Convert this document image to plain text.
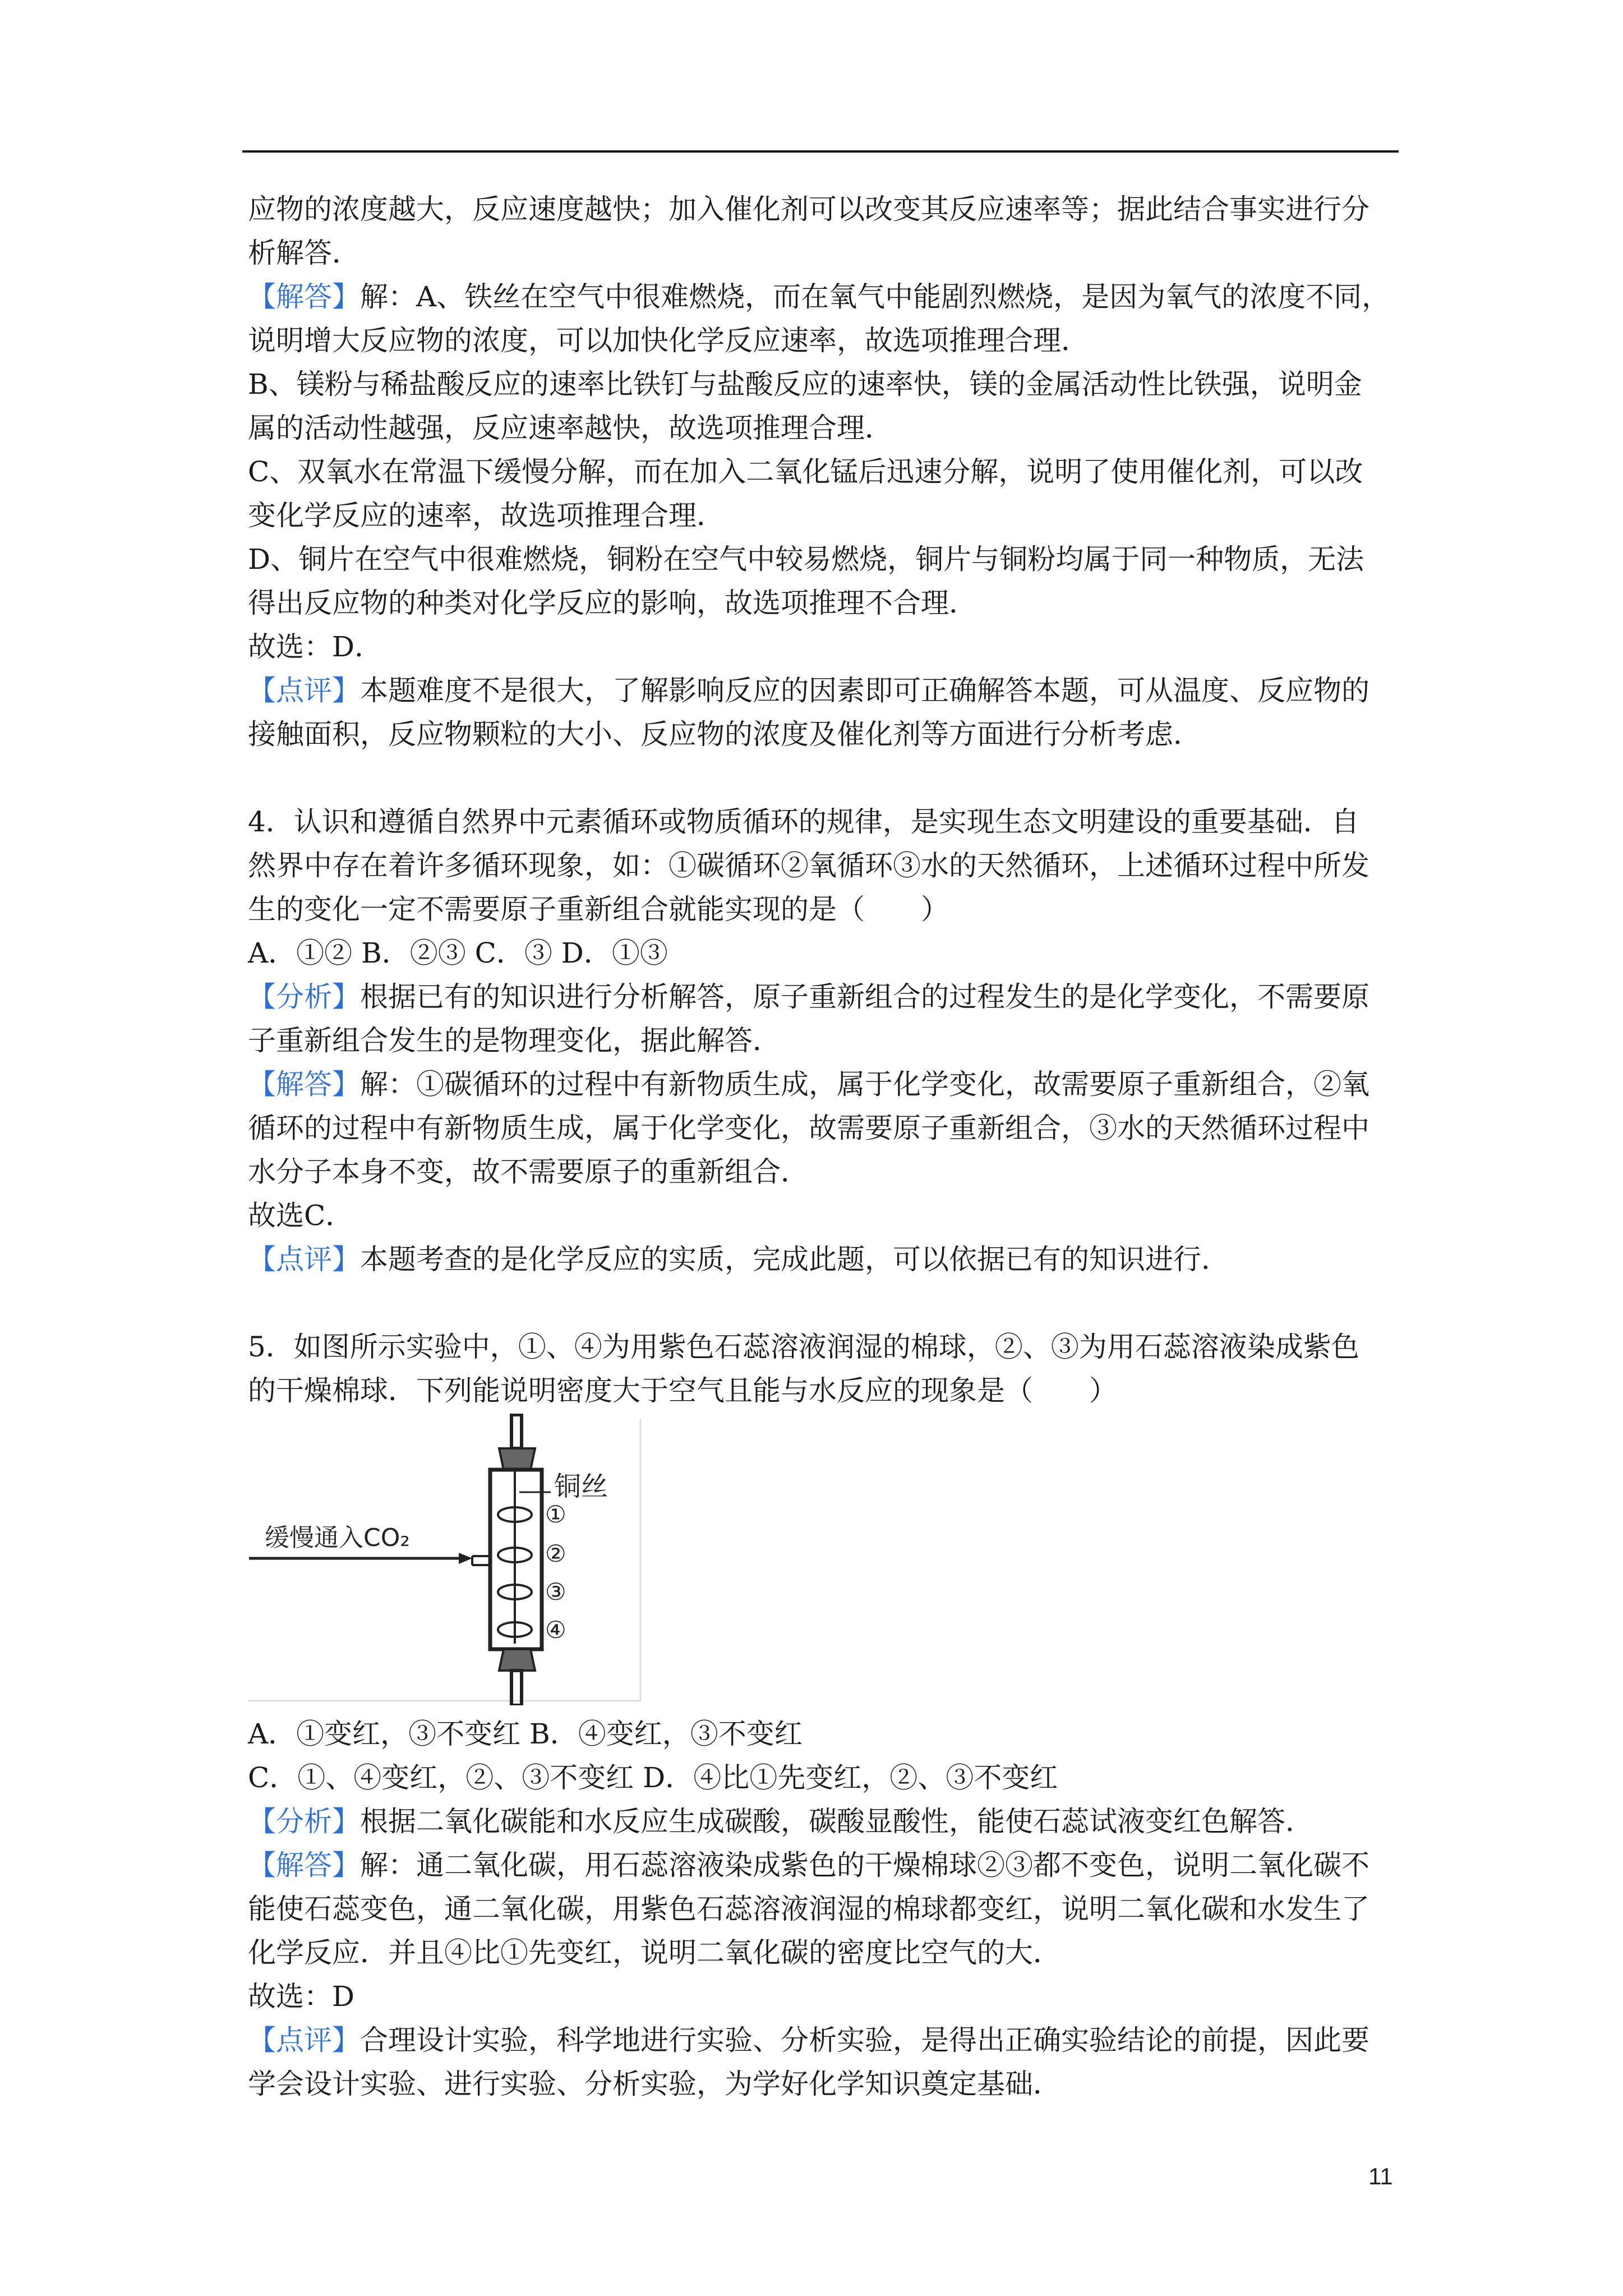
应物的浓度越大，反应速度越快；加入催化剂可以改变其反应速率等；据此结合事实进行分
析解答．
【解答】解：A、铁丝在空气中很难燃烧，而在氧气中能剧烈燃烧，是因为氧气的浓度不同，
说明增大反应物的浓度，可以加快化学反应速率，故选项推理合理．
B、镁粉与稀盐酸反应的速率比铁钉与盐酸反应的速率快，镁的金属活动性比铁强，说明金
属的活动性越强，反应速率越快，故选项推理合理．
C、双氧水在常温下缓慢分解，而在加入二氧化锰后迅速分解，说明了使用催化剂，可以改
变化学反应的速率，故选项推理合理．
D、铜片在空气中很难燃烧，铜粉在空气中较易燃烧，铜片与铜粉均属于同一种物质，无法
得出反应物的种类对化学反应的影响，故选项推理不合理．
故选：D．
【点评】本题难度不是很大，了解影响反应的因素即可正确解答本题，可从温度、反应物的
接触面积，反应物颗粒的大小、反应物的浓度及催化剂等方面进行分析考虑．
4．认识和遵循自然界中元素循环或物质循环的规律，是实现生态文明建设的重要基础．自
然界中存在着许多循环现象，如：①碳循环②氧循环③水的天然循环，上述循环过程中所发
生的变化一定不需要原子重新组合就能实现的是（　　）
A．①② B．②③ C．③ D．①③
【分析】根据已有的知识进行分析解答，原子重新组合的过程发生的是化学变化，不需要原
子重新组合发生的是物理变化，据此解答．
【解答】解：①碳循环的过程中有新物质生成，属于化学变化，故需要原子重新组合，②氧
循环的过程中有新物质生成，属于化学变化，故需要原子重新组合，③水的天然循环过程中
水分子本身不变，故不需要原子的重新组合．
故选C．
【点评】本题考查的是化学反应的实质，完成此题，可以依据已有的知识进行．
5．如图所示实验中，①、④为用紫色石蕊溶液润湿的棉球，②、③为用石蕊溶液染成紫色
的干燥棉球．下列能说明密度大于空气且能与水反应的现象是（　　）
缓慢通入CO₂
铜丝
①
②
③
④
A．①变红，③不变红 B．④变红，③不变红
C．①、④变红，②、③不变红 D．④比①先变红，②、③不变红
【分析】根据二氧化碳能和水反应生成碳酸，碳酸显酸性，能使石蕊试液变红色解答．
【解答】解：通二氧化碳，用石蕊溶液染成紫色的干燥棉球②③都不变色，说明二氧化碳不
能使石蕊变色，通二氧化碳，用紫色石蕊溶液润湿的棉球都变红，说明二氧化碳和水发生了
化学反应．并且④比①先变红，说明二氧化碳的密度比空气的大．
故选：D
【点评】合理设计实验，科学地进行实验、分析实验，是得出正确实验结论的前提，因此要
学会设计实验、进行实验、分析实验，为学好化学知识奠定基础．
11
